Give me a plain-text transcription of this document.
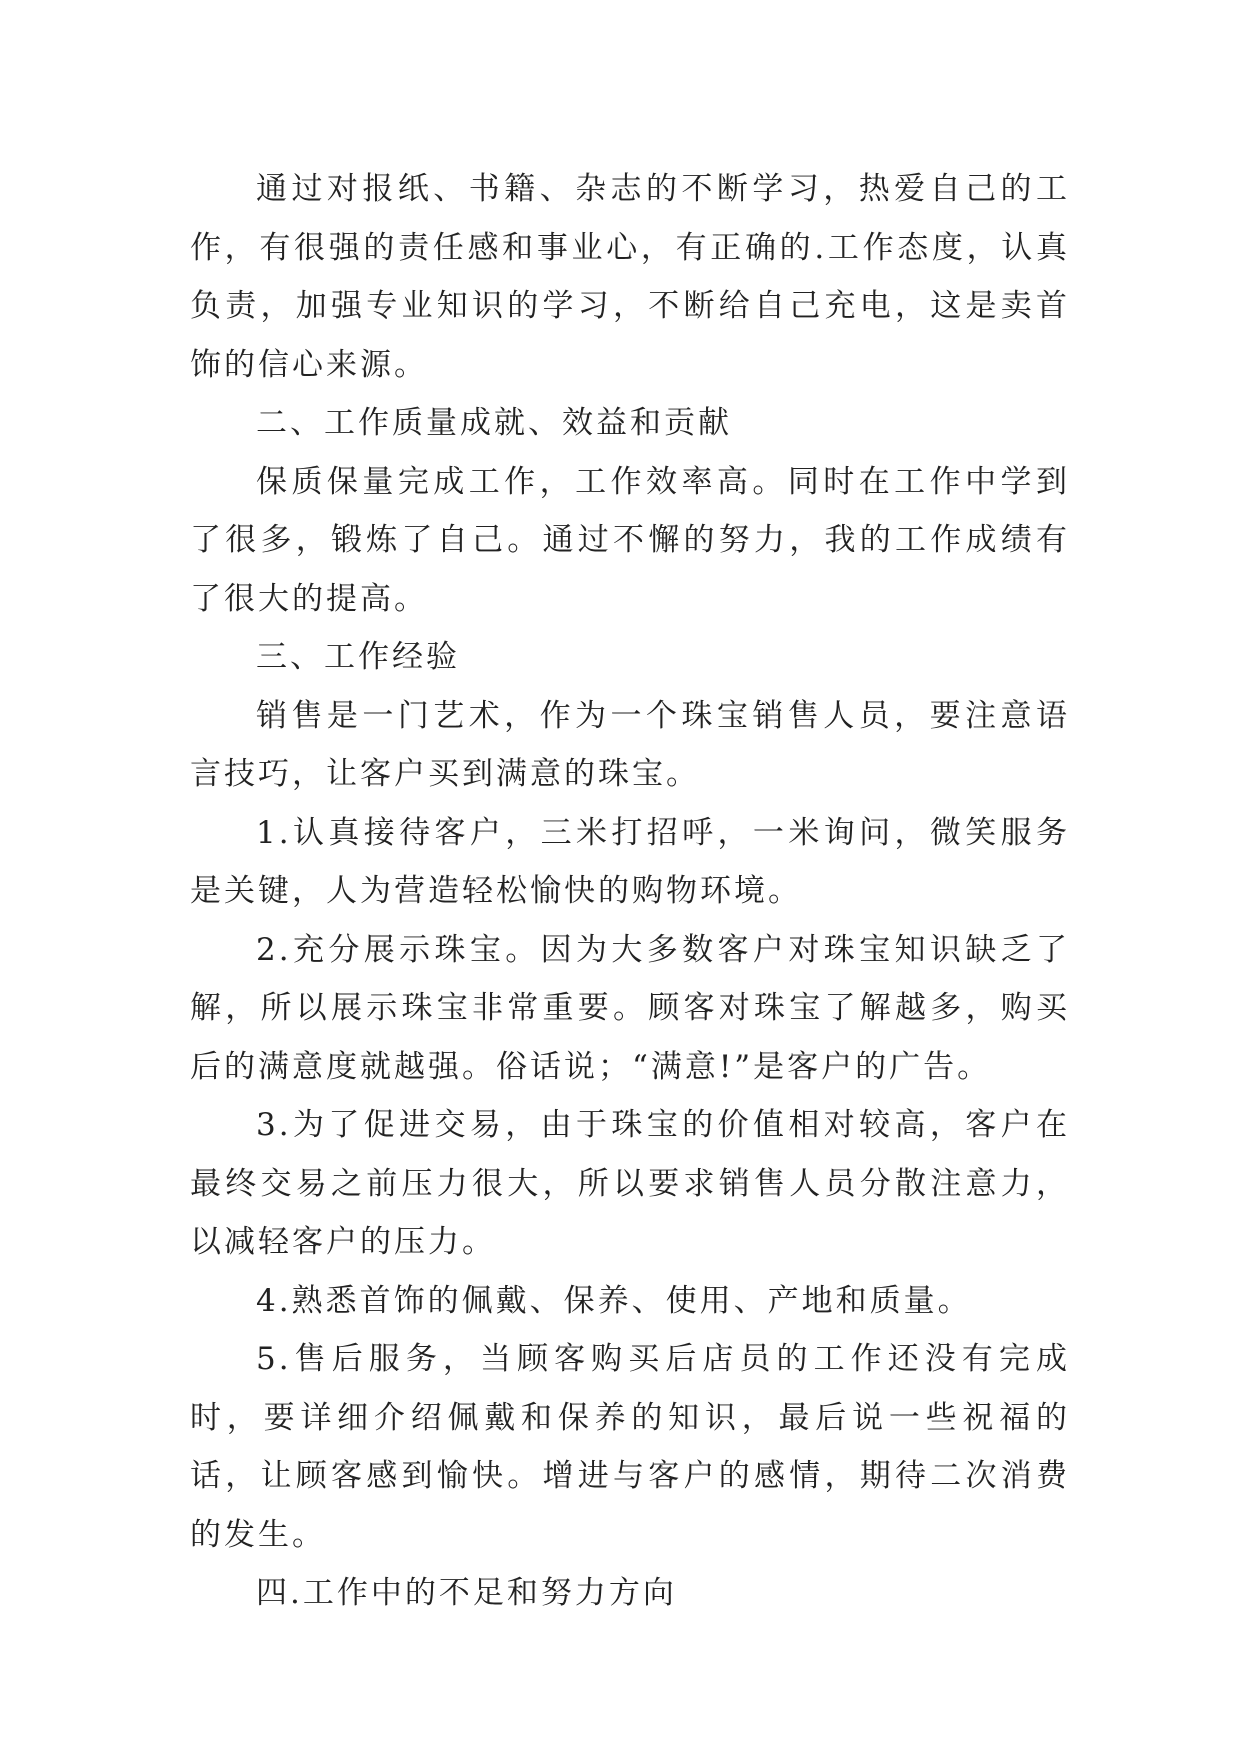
通过对报纸、书籍、杂志的不断学习，热爱自己的工作，有很强的责任感和事业心，有正确的.工作态度，认真负责，加强专业知识的学习，不断给自己充电，这是卖首饰的信心来源。

二、工作质量成就、效益和贡献

保质保量完成工作，工作效率高。同时在工作中学到了很多，锻炼了自己。通过不懈的努力，我的工作成绩有了很大的提高。

三、工作经验

销售是一门艺术，作为一个珠宝销售人员，要注意语言技巧，让客户买到满意的珠宝。

1.认真接待客户，三米打招呼，一米询问，微笑服务是关键，人为营造轻松愉快的购物环境。

2.充分展示珠宝。因为大多数客户对珠宝知识缺乏了解，所以展示珠宝非常重要。顾客对珠宝了解越多，购买后的满意度就越强。俗话说；“满意!”是客户的广告。

3.为了促进交易，由于珠宝的价值相对较高，客户在最终交易之前压力很大，所以要求销售人员分散注意力，以减轻客户的压力。

4.熟悉首饰的佩戴、保养、使用、产地和质量。

5.售后服务，当顾客购买后店员的工作还没有完成时，要详细介绍佩戴和保养的知识，最后说一些祝福的话，让顾客感到愉快。增进与客户的感情，期待二次消费的发生。

四.工作中的不足和努力方向
